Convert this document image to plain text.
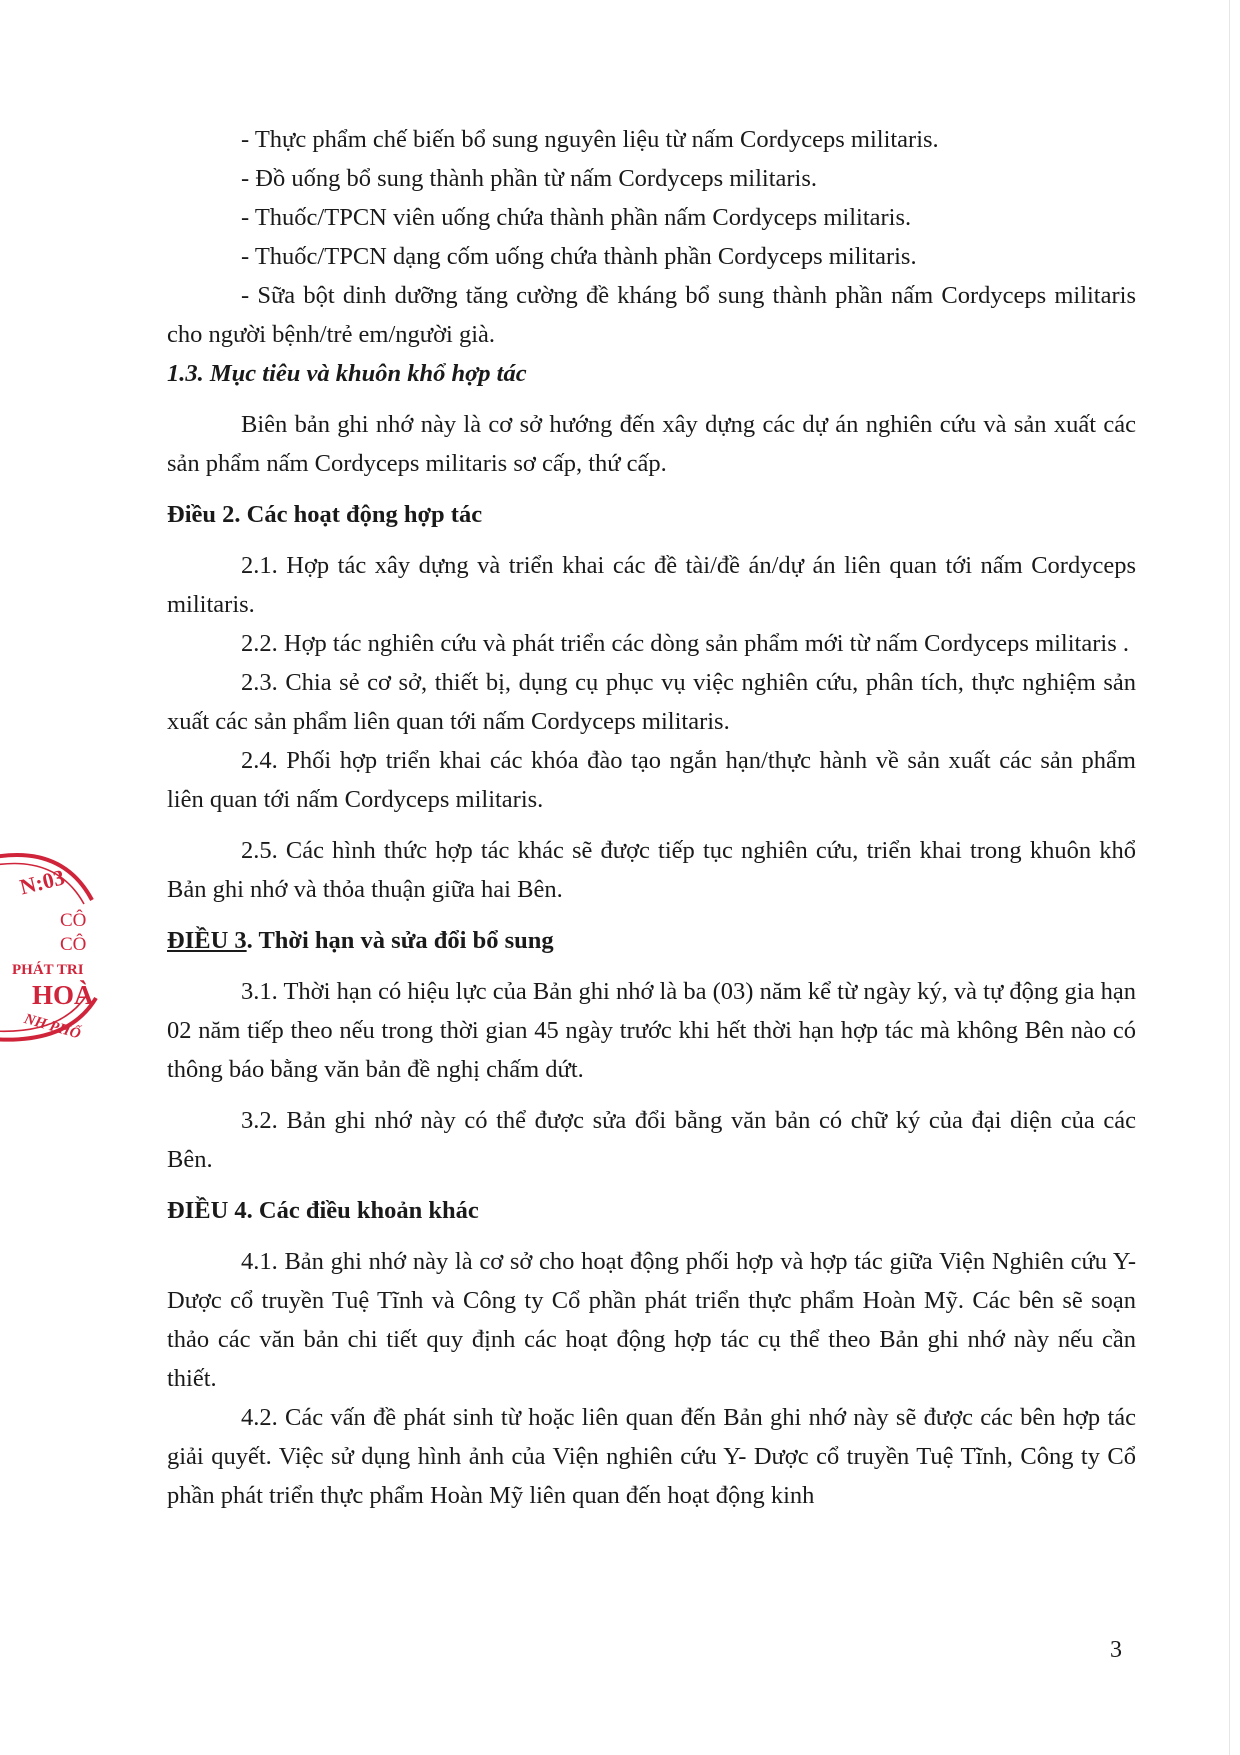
N:03
CÔ
CÔ
PHÁT TRI
HOÀ
NH PHỐ

- Thực phẩm chế biến bổ sung nguyên liệu từ nấm Cordyceps militaris.

- Đồ uống bổ sung thành phần từ nấm Cordyceps militaris.

- Thuốc/TPCN viên uống chứa thành phần nấm Cordyceps militaris.

- Thuốc/TPCN dạng cốm uống chứa thành phần Cordyceps militaris.

- Sữa bột dinh dưỡng tăng cường đề kháng bổ sung thành phần nấm Cordyceps militaris cho người bệnh/trẻ em/người già.

1.3. Mục tiêu và khuôn khổ hợp tác

Biên bản ghi nhớ này là cơ sở hướng đến xây dựng các dự án nghiên cứu và sản xuất các sản phẩm nấm Cordyceps militaris sơ cấp, thứ cấp.

Điều 2. Các hoạt động hợp tác

2.1. Hợp tác xây dựng và triển khai các đề tài/đề án/dự án liên quan tới nấm Cordyceps militaris.

2.2. Hợp tác nghiên cứu và phát triển các dòng sản phẩm mới từ nấm Cordyceps militaris .

2.3. Chia sẻ cơ sở, thiết bị, dụng cụ phục vụ việc nghiên cứu, phân tích, thực nghiệm sản xuất các sản phẩm liên quan tới nấm Cordyceps militaris.

2.4. Phối hợp triển khai các khóa đào tạo ngắn hạn/thực hành về sản xuất các sản phẩm liên quan tới nấm Cordyceps militaris.

2.5. Các hình thức hợp tác khác sẽ được tiếp tục nghiên cứu, triển khai trong khuôn khổ Bản ghi nhớ và thỏa thuận giữa hai Bên.

ĐIỀU 3. Thời hạn và sửa đổi bổ sung

3.1. Thời hạn có hiệu lực của Bản ghi nhớ là ba (03) năm kể từ ngày ký, và tự động gia hạn 02 năm tiếp theo nếu trong thời gian 45 ngày trước khi hết thời hạn hợp tác mà không Bên nào có thông báo bằng văn bản đề nghị chấm dứt.

3.2. Bản ghi nhớ này có thể được sửa đổi bằng văn bản có chữ ký của đại diện của các Bên.

ĐIỀU 4. Các điều khoản khác

4.1. Bản ghi nhớ này là cơ sở cho hoạt động phối hợp và hợp tác giữa Viện Nghiên cứu Y- Dược cổ truyền Tuệ Tĩnh và Công ty Cổ phần phát triển thực phẩm Hoàn Mỹ. Các bên sẽ soạn thảo các văn bản chi tiết quy định các hoạt động hợp tác cụ thể theo Bản ghi nhớ này nếu cần thiết.

4.2. Các vấn đề phát sinh từ hoặc liên quan đến Bản ghi nhớ này sẽ được các bên hợp tác giải quyết. Việc sử dụng hình ảnh của Viện nghiên cứu Y- Dược cổ truyền Tuệ Tĩnh, Công ty Cổ phần phát triển thực phẩm Hoàn Mỹ liên quan đến hoạt động kinh

3
